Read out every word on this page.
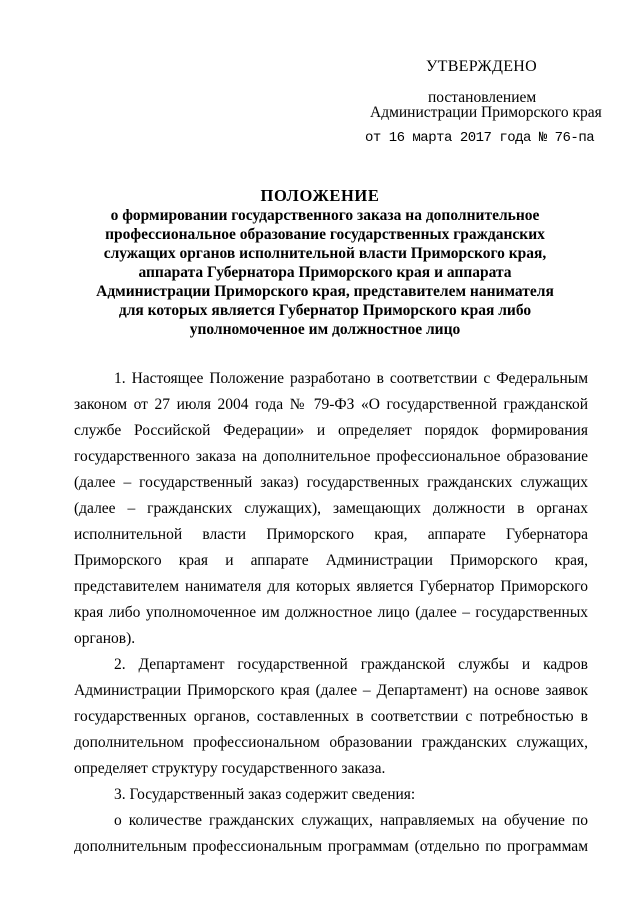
УТВЕРЖДЕНО
постановлением
Администрации Приморского края
от 16 марта 2017 года № 76-па
ПОЛОЖЕНИЕ
о формировании государственного заказа на дополнительное профессиональное образование государственных гражданских служащих органов исполнительной власти Приморского края, аппарата Губернатора Приморского края и аппарата Администрации Приморского края, представителем нанимателя для которых является Губернатор Приморского края либо уполномоченное им должностное лицо

1. Настоящее Положение разработано в соответствии с Федеральным законом от 27 июля 2004 года № 79-ФЗ «О государственной гражданской службе Российской Федерации» и определяет порядок формирования государственного заказа на дополнительное профессиональное образование (далее – государственный заказ) государственных гражданских служащих (далее – гражданских служащих), замещающих должности в органах исполнительной власти Приморского края, аппарате Губернатора Приморского края и аппарате Администрации Приморского края, представителем нанимателя для которых является Губернатор Приморского края либо уполномоченное им должностное лицо (далее – государственных органов).

2. Департамент государственной гражданской службы и кадров Администрации Приморского края (далее – Департамент) на основе заявок государственных органов, составленных в соответствии с потребностью в дополнительном профессиональном образовании гражданских служащих, определяет структуру государственного заказа.

3. Государственный заказ содержит сведения:

о количестве гражданских служащих, направляемых на обучение по дополнительным профессиональным программам (отдельно по программам
